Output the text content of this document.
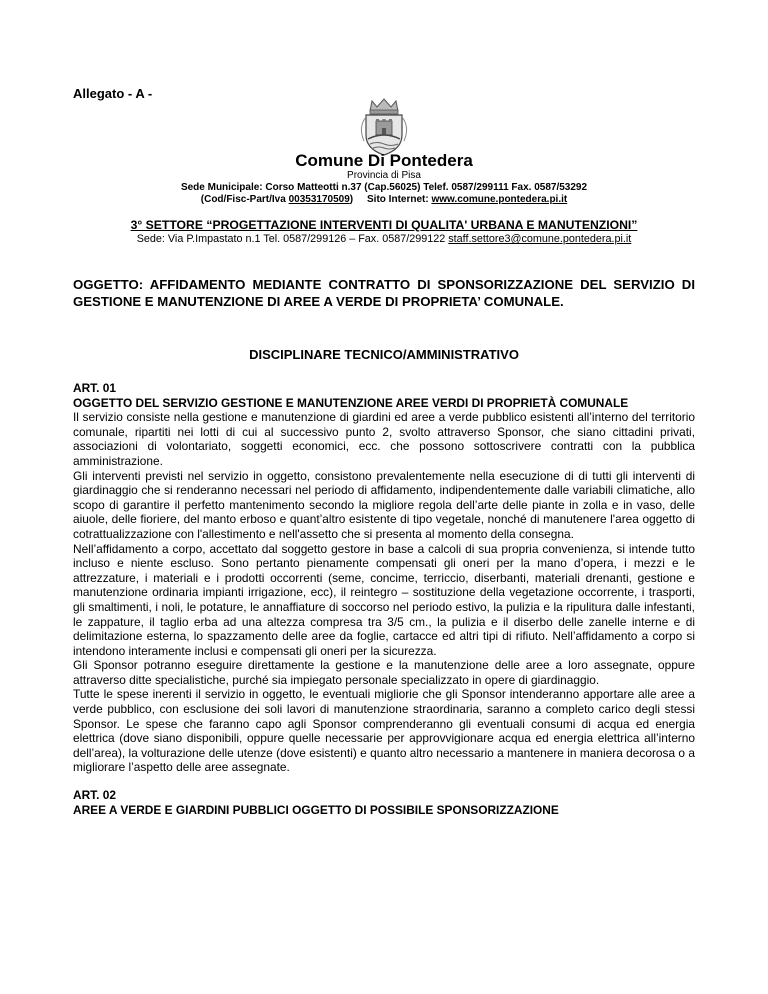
Allegato - A -
Comune Di Pontedera
Provincia di Pisa
Sede Municipale: Corso Matteotti n.37 (Cap.56025) Telef. 0587/299111 Fax. 0587/53292
(Cod/Fisc-Part/Iva 00353170509) Sito Internet: www.comune.pontedera.pi.it
3° SETTORE “PROGETTAZIONE INTERVENTI DI QUALITA' URBANA E MANUTENZIONI”
Sede: Via P.Impastato n.1 Tel. 0587/299126 – Fax. 0587/299122 staff.settore3@comune.pontedera.pi.it
OGGETTO: AFFIDAMENTO MEDIANTE CONTRATTO DI SPONSORIZZAZIONE DEL SERVIZIO DI GESTIONE E MANUTENZIONE DI AREE A VERDE DI PROPRIETA’ COMUNALE.
DISCIPLINARE TECNICO/AMMINISTRATIVO

ART. 01

OGGETTO DEL SERVIZIO GESTIONE E MANUTENZIONE AREE VERDI DI PROPRIETÀ COMUNALE

Il servizio consiste nella gestione e manutenzione di giardini ed aree a verde pubblico esistenti all’interno del territorio comunale, ripartiti nei lotti di cui al successivo punto 2, svolto attraverso Sponsor, che siano cittadini privati, associazioni di volontariato, soggetti economici, ecc. che possono sottoscrivere contratti con la pubblica amministrazione.

Gli interventi previsti nel servizio in oggetto, consistono prevalentemente nella esecuzione di di tutti gli interventi di giardinaggio che si renderanno necessari nel periodo di affidamento, indipendentemente dalle variabili climatiche, allo scopo di garantire il perfetto mantenimento secondo la migliore regola dell’arte delle piante in zolla e in vaso, delle aiuole, delle fioriere, del manto erboso e quant’altro esistente di tipo vegetale, nonché di manutenere l'area oggetto di cotrattualizzazione con l'allestimento e nell'assetto che si presenta al momento della consegna.

Nell’affidamento a corpo, accettato dal soggetto gestore in base a calcoli di sua propria convenienza, si intende tutto incluso e niente escluso. Sono pertanto pienamente compensati gli oneri per la mano d’opera, i mezzi e le attrezzature, i materiali e i prodotti occorrenti (seme, concime, terriccio, diserbanti, materiali drenanti, gestione e manutenzione ordinaria impianti irrigazione, ecc), il reintegro – sostituzione della vegetazione occorrente, i trasporti, gli smaltimenti, i noli, le potature, le annaffiature di soccorso nel periodo estivo, la pulizia e la ripulitura dalle infestanti, le zappature, il taglio erba ad una altezza compresa tra 3/5 cm., la pulizia e il diserbo delle zanelle interne e di delimitazione esterna, lo spazzamento delle aree da foglie, cartacce ed altri tipi di rifiuto. Nell’affidamento a corpo si intendono interamente inclusi e compensati gli oneri per la sicurezza.

Gli Sponsor potranno eseguire direttamente la gestione e la manutenzione delle aree a loro assegnate, oppure attraverso ditte specialistiche, purché sia impiegato personale specializzato in opere di giardinaggio.

Tutte le spese inerenti il servizio in oggetto, le eventuali migliorie che gli Sponsor intenderanno apportare alle aree a verde pubblico, con esclusione dei soli lavori di manutenzione straordinaria, saranno a completo carico degli stessi Sponsor. Le spese che faranno capo agli Sponsor comprenderanno gli eventuali consumi di acqua ed energia elettrica (dove siano disponibili, oppure quelle necessarie per approvvigionare acqua ed energia elettrica all’interno dell’area), la volturazione delle utenze (dove esistenti) e quanto altro necessario a mantenere in maniera decorosa o a migliorare l’aspetto delle aree assegnate.

ART. 02

AREE A VERDE E GIARDINI PUBBLICI OGGETTO DI POSSIBILE SPONSORIZZAZIONE
